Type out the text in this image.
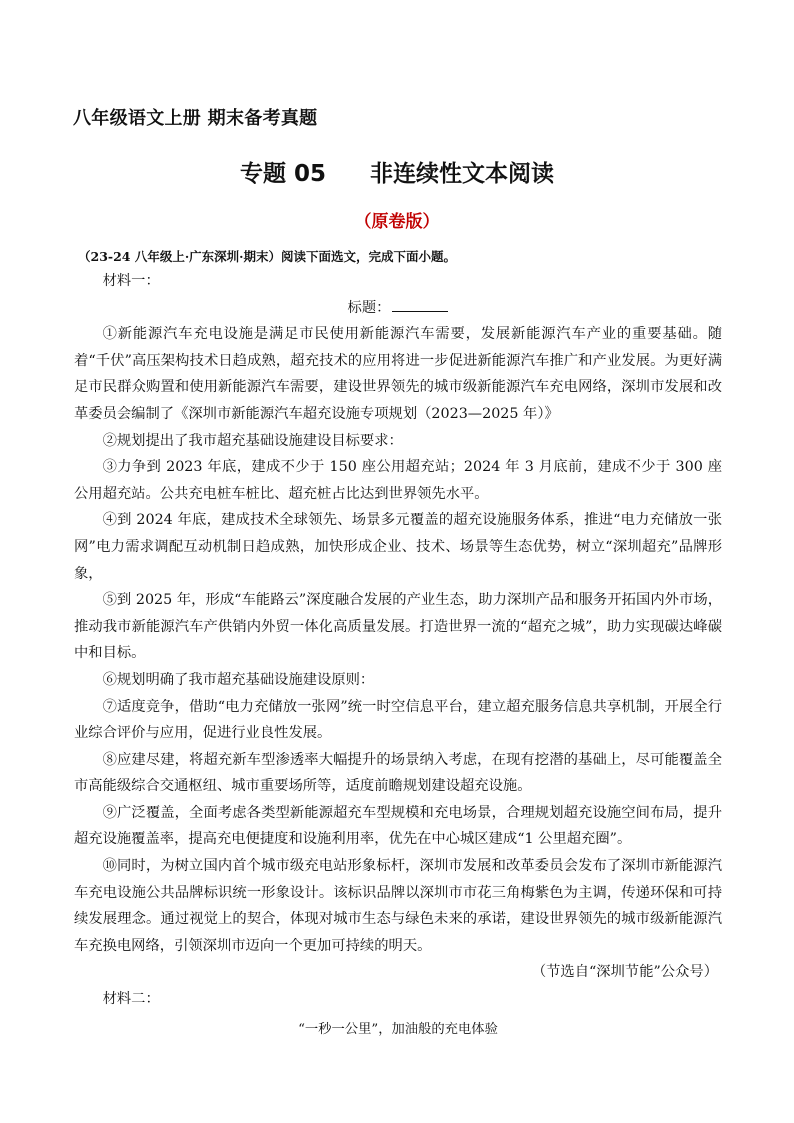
八年级语文上册 期末备考真题
专题 05 非连续性文本阅读
（原卷版）
（23-24 八年级上·广东深圳·期末）阅读下面选文，完成下面小题。

材料一：

标题：

①新能源汽车充电设施是满足市民使用新能源汽车需要，发展新能源汽车产业的重要基础。随着“千伏”高压架构技术日趋成熟，超充技术的应用将进一步促进新能源汽车推广和产业发展。为更好满足市民群众购置和使用新能源汽车需要，建设世界领先的城市级新能源汽车充电网络，深圳市发展和改革委员会编制了《深圳市新能源汽车超充设施专项规划（2023—2025 年）》

②规划提出了我市超充基础设施建设目标要求：

③力争到 2023 年底，建成不少于 150 座公用超充站；2024 年 3 月底前，建成不少于 300 座公用超充站。公共充电桩车桩比、超充桩占比达到世界领先水平。

④到 2024 年底，建成技术全球领先、场景多元覆盖的超充设施服务体系，推进“电力充储放一张网”电力需求调配互动机制日趋成熟，加快形成企业、技术、场景等生态优势，树立“深圳超充”品牌形象，

⑤到 2025 年，形成“车能路云”深度融合发展的产业生态，助力深圳产品和服务开拓国内外市场，推动我市新能源汽车产供销内外贸一体化高质量发展。打造世界一流的“超充之城”，助力实现碳达峰碳中和目标。

⑥规划明确了我市超充基础设施建设原则：

⑦适度竞争，借助“电力充储放一张网”统一时空信息平台，建立超充服务信息共享机制，开展全行业综合评价与应用，促进行业良性发展。

⑧应建尽建，将超充新车型渗透率大幅提升的场景纳入考虑，在现有挖潜的基础上，尽可能覆盖全市高能级综合交通枢纽、城市重要场所等，适度前瞻规划建设超充设施。

⑨广泛覆盖，全面考虑各类型新能源超充车型规模和充电场景，合理规划超充设施空间布局，提升超充设施覆盖率，提高充电便捷度和设施利用率，优先在中心城区建成“1 公里超充圈”。

⑩同时，为树立国内首个城市级充电站形象标杆，深圳市发展和改革委员会发布了深圳市新能源汽车充电设施公共品牌标识统一形象设计。该标识品牌以深圳市市花三角梅紫色为主调，传递环保和可持续发展理念。通过视觉上的契合，体现对城市生态与绿色未来的承诺，建设世界领先的城市级新能源汽车充换电网络，引领深圳市迈向一个更加可持续的明天。

（节选自“深圳节能”公众号）

材料二：

“一秒一公里”，加油般的充电体验
